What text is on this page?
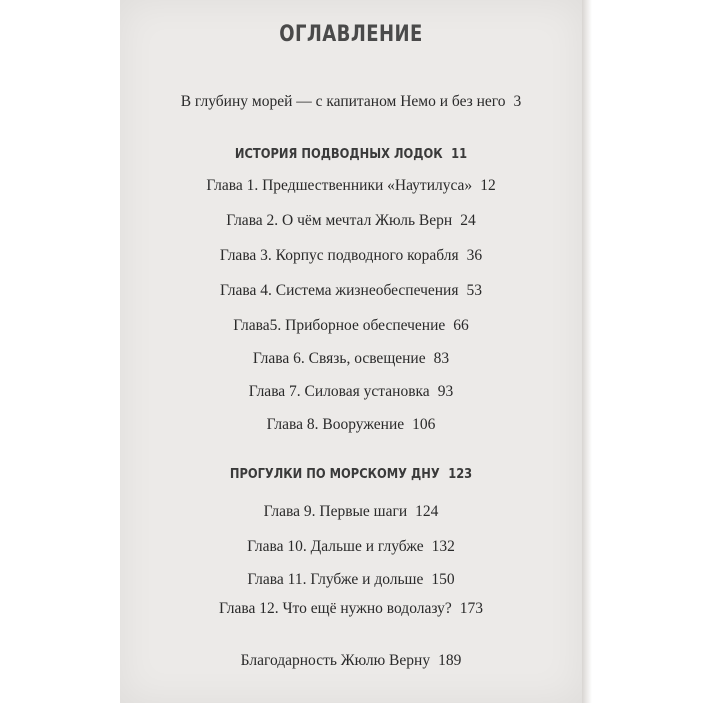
ОГЛАВЛЕНИЕ
В глубину морей — с капитаном Немо и без него 3
ИСТОРИЯ ПОДВОДНЫХ ЛОДОК 11
Глава 1. Предшественники «Наутилуса» 12
Глава 2. О чём мечтал Жюль Верн 24
Глава 3. Корпус подводного корабля 36
Глава 4. Система жизнеобеспечения 53
Глава5. Приборное обеспечение 66
Глава 6. Связь, освещение 83
Глава 7. Силовая установка 93
Глава 8. Вооружение 106
ПРОГУЛКИ ПО МОРСКОМУ ДНУ 123
Глава 9. Первые шаги 124
Глава 10. Дальше и глубже 132
Глава 11. Глубже и дольше 150
Глава 12. Что ещё нужно водолазу? 173
Благодарность Жюлю Верну 189
